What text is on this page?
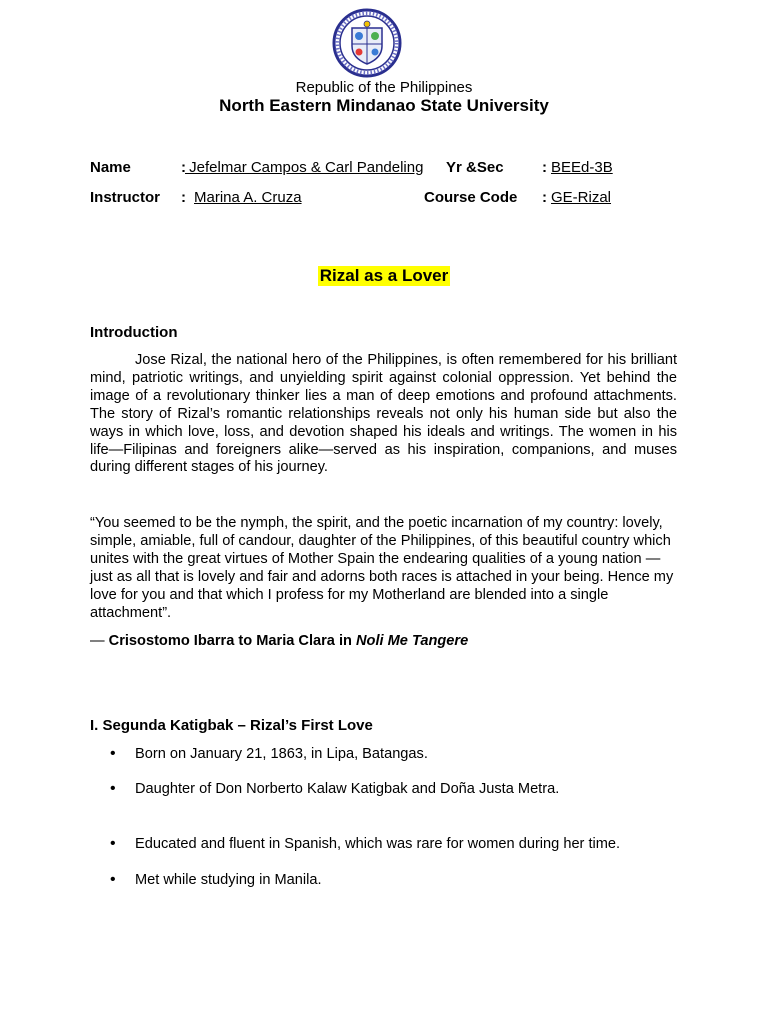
Republic of the Philippines
North Eastern Mindanao State University
Name	: Jefelmar Campos & Carl Pandeling Yr &Sec	: BEEd-3B
Instructor : Marina A. Cruza	Course Code : GE-Rizal
Rizal as a Lover
Introduction
Jose Rizal, the national hero of the Philippines, is often remembered for his brilliant mind, patriotic writings, and unyielding spirit against colonial oppression. Yet behind the image of a revolutionary thinker lies a man of deep emotions and profound attachments. The story of Rizal’s romantic relationships reveals not only his human side but also the ways in which love, loss, and devotion shaped his ideals and writings. The women in his life—Filipinas and foreigners alike—served as his inspiration, companions, and muses during different stages of his journey.
“You seemed to be the nymph, the spirit, and the poetic incarnation of my country: lovely, simple, amiable, full of candour, daughter of the Philippines, of this beautiful country which unites with the great virtues of Mother Spain the endearing qualities of a young nation — just as all that is lovely and fair and adorns both races is attached in your being. Hence my love for you and that which I profess for my Motherland are blended into a single attachment”.
— Crisostomo Ibarra to Maria Clara in Noli Me Tangere
I. Segunda Katigbak – Rizal’s First Love
• Born on January 21, 1863, in Lipa, Batangas.
• Daughter of Don Norberto Kalaw Katigbak and Doña Justa Metra.
• Educated and fluent in Spanish, which was rare for women during her time.
• Met while studying in Manila.
